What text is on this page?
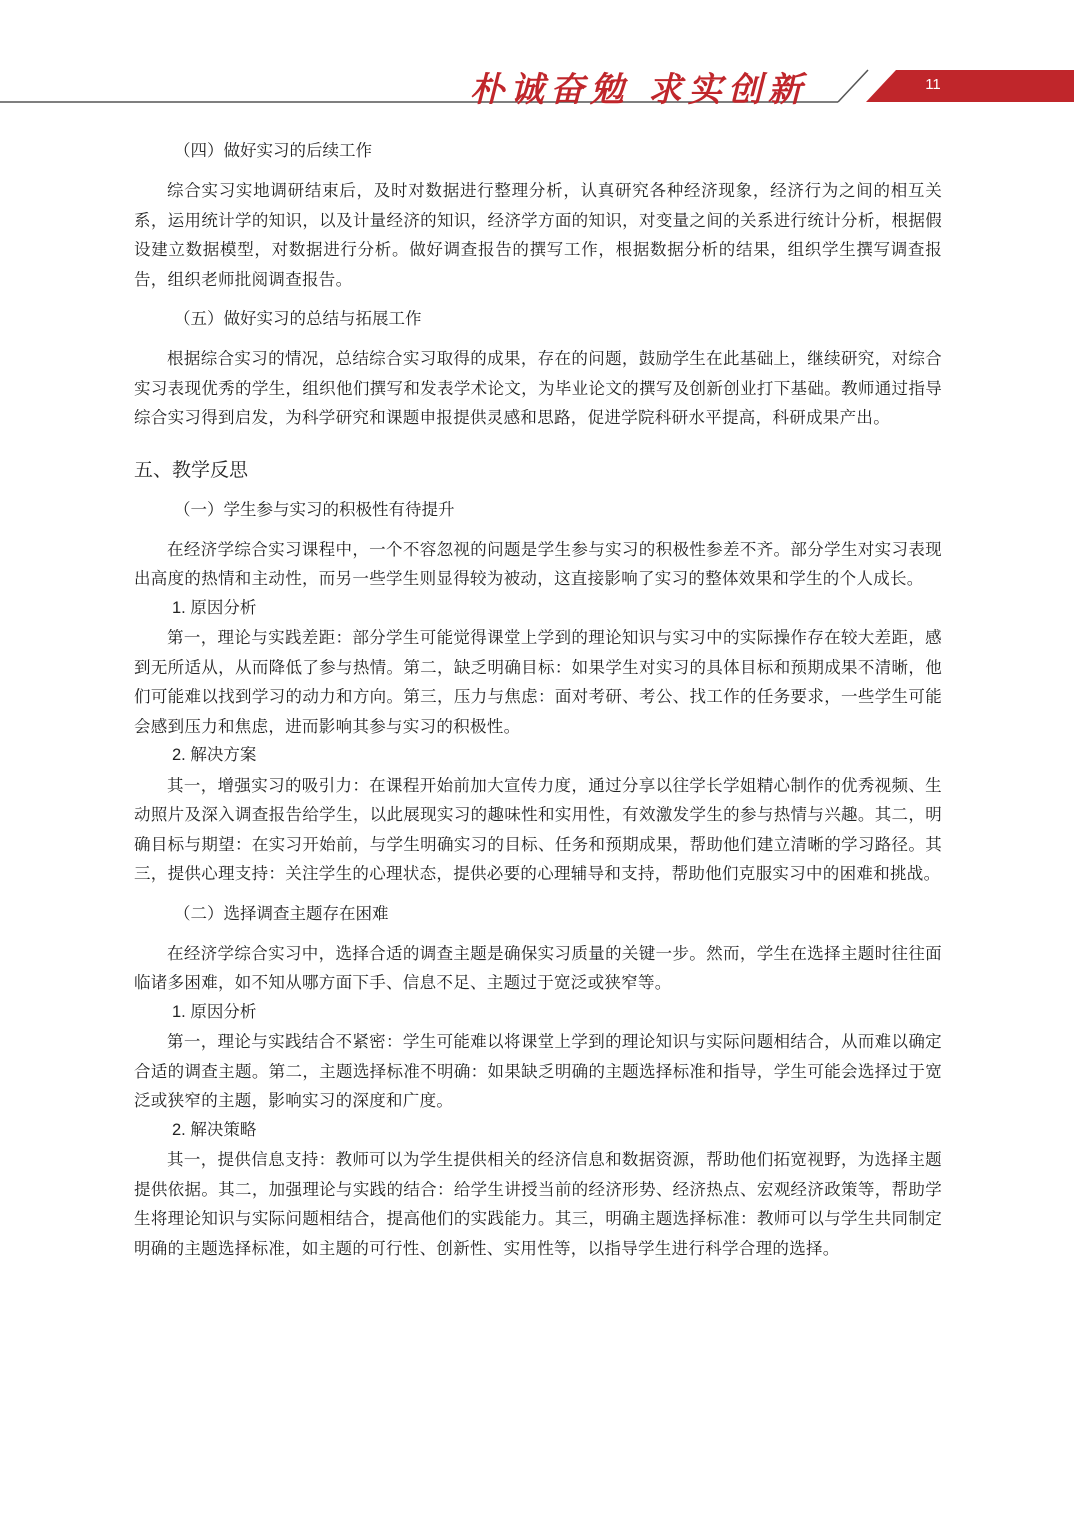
朴诚奋勉 求实创新	11
（四）做好实习的后续工作

综合实习实地调研结束后，及时对数据进行整理分析，认真研究各种经济现象，经济行为之间的相互关系，运用统计学的知识，以及计量经济的知识，经济学方面的知识，对变量之间的关系进行统计分析，根据假设建立数据模型，对数据进行分析。做好调查报告的撰写工作，根据数据分析的结果，组织学生撰写调查报告，组织老师批阅调查报告。

（五）做好实习的总结与拓展工作

根据综合实习的情况，总结综合实习取得的成果，存在的问题，鼓励学生在此基础上，继续研究，对综合实习表现优秀的学生，组织他们撰写和发表学术论文，为毕业论文的撰写及创新创业打下基础。教师通过指导综合实习得到启发，为科学研究和课题申报提供灵感和思路，促进学院科研水平提高，科研成果产出。

五、教学反思
（一）学生参与实习的积极性有待提升

在经济学综合实习课程中，一个不容忽视的问题是学生参与实习的积极性参差不齐。部分学生对实习表现出高度的热情和主动性，而另一些学生则显得较为被动，这直接影响了实习的整体效果和学生的个人成长。

1. 原因分析

第一，理论与实践差距：部分学生可能觉得课堂上学到的理论知识与实习中的实际操作存在较大差距，感到无所适从，从而降低了参与热情。第二，缺乏明确目标：如果学生对实习的具体目标和预期成果不清晰，他们可能难以找到学习的动力和方向。第三，压力与焦虑：面对考研、考公、找工作的任务要求，一些学生可能会感到压力和焦虑，进而影响其参与实习的积极性。

2. 解决方案

其一，增强实习的吸引力：在课程开始前加大宣传力度，通过分享以往学长学姐精心制作的优秀视频、生动照片及深入调查报告给学生，以此展现实习的趣味性和实用性，有效激发学生的参与热情与兴趣。其二，明确目标与期望：在实习开始前，与学生明确实习的目标、任务和预期成果，帮助他们建立清晰的学习路径。其三，提供心理支持：关注学生的心理状态，提供必要的心理辅导和支持，帮助他们克服实习中的困难和挑战。

（二）选择调查主题存在困难

在经济学综合实习中，选择合适的调查主题是确保实习质量的关键一步。然而，学生在选择主题时往往面临诸多困难，如不知从哪方面下手、信息不足、主题过于宽泛或狭窄等。

1. 原因分析

第一，理论与实践结合不紧密：学生可能难以将课堂上学到的理论知识与实际问题相结合，从而难以确定合适的调查主题。第二，主题选择标准不明确：如果缺乏明确的主题选择标准和指导，学生可能会选择过于宽泛或狭窄的主题，影响实习的深度和广度。

2. 解决策略

其一，提供信息支持：教师可以为学生提供相关的经济信息和数据资源，帮助他们拓宽视野，为选择主题提供依据。其二，加强理论与实践的结合：给学生讲授当前的经济形势、经济热点、宏观经济政策等，帮助学生将理论知识与实际问题相结合，提高他们的实践能力。其三，明确主题选择标准：教师可以与学生共同制定明确的主题选择标准，如主题的可行性、创新性、实用性等，以指导学生进行科学合理的选择。
